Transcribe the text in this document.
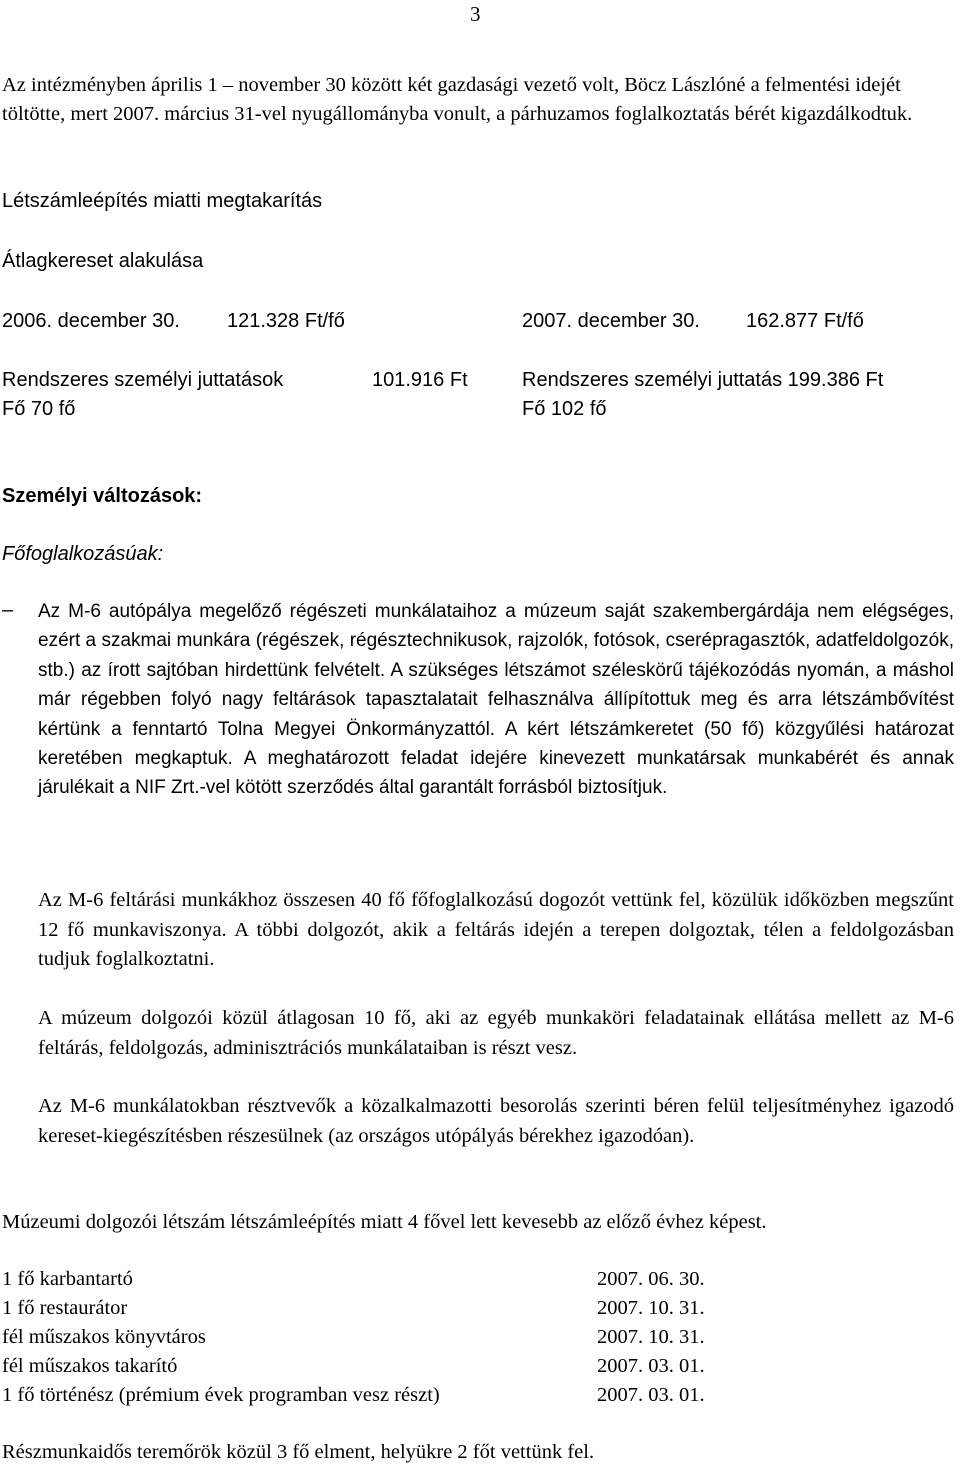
3
Az intézményben április 1 – november 30 között két gazdasági vezető volt, Böcz Lászlóné a felmentési idejét töltötte, mert 2007. március 31-vel nyugállományba vonult, a párhuzamos foglalkoztatás bérét kigazdálkodtuk.
Létszámleépítés miatti megtakarítás
Átlagkereset alakulása
2006. december 30. 121.328 Ft/fő	2007. december 30. 162.877 Ft/fő
Rendszeres személyi juttatások	101.916 Ft	Rendszeres személyi juttatás 199.386 Ft
Fő 70 fő	Fő 102 fő
Személyi változások:
Főfoglalkozásúak:
– Az M-6 autópálya megelőző régészeti munkálataihoz a múzeum saját szakembergárdája nem elégséges, ezért a szakmai munkára (régészek, régésztechnikusok, rajzolók, fotósok, cserépragasztók, adatfeldolgozók, stb.) az írott sajtóban hirdettünk felvételt. A szükséges létszámot széleskörű tájékozódás nyomán, a máshol már régebben folyó nagy feltárások tapasztalatait felhasználva állípítottuk meg és arra létszámbővítést kértünk a fenntartó Tolna Megyei Önkormányzattól. A kért létszámkeretet (50 fő) közgyűlési határozat keretében megkaptuk. A meghatározott feladat idejére kinevezett munkatársak munkabérét és annak járulékait a NIF Zrt.-vel kötött szerződés által garantált forrásból biztosítjuk.
Az M-6 feltárási munkákhoz összesen 40 fő főfoglalkozású dogozót vettünk fel, közülük időközben megszűnt 12 fő munkaviszonya. A többi dolgozót, akik a feltárás idején a terepen dolgoztak, télen a feldolgozásban tudjuk foglalkoztatni.
A múzeum dolgozói közül átlagosan 10 fő, aki az egyéb munkaköri feladatainak ellátása mellett az M-6 feltárás, feldolgozás, adminisztrációs munkálataiban is részt vesz.
Az M-6 munkálatokban résztvevők a közalkalmazotti besorolás szerinti béren felül teljesítményhez igazodó kereset-kiegészítésben részesülnek (az országos utópályás bérekhez igazodóan).
Múzeumi dolgozói létszám létszámleépítés miatt 4 fővel lett kevesebb az előző évhez képest.
1 fő karbantartó	2007. 06. 30.
1 fő restaurátor	2007. 10. 31.
fél műszakos könyvtáros	2007. 10. 31.
fél műszakos takarító	2007. 03. 01.
1 fő történész (prémium évek programban vesz részt)	2007. 03. 01.
Részmunkaidős teremőrök közül 3 fő elment, helyükre 2 főt vettünk fel.
